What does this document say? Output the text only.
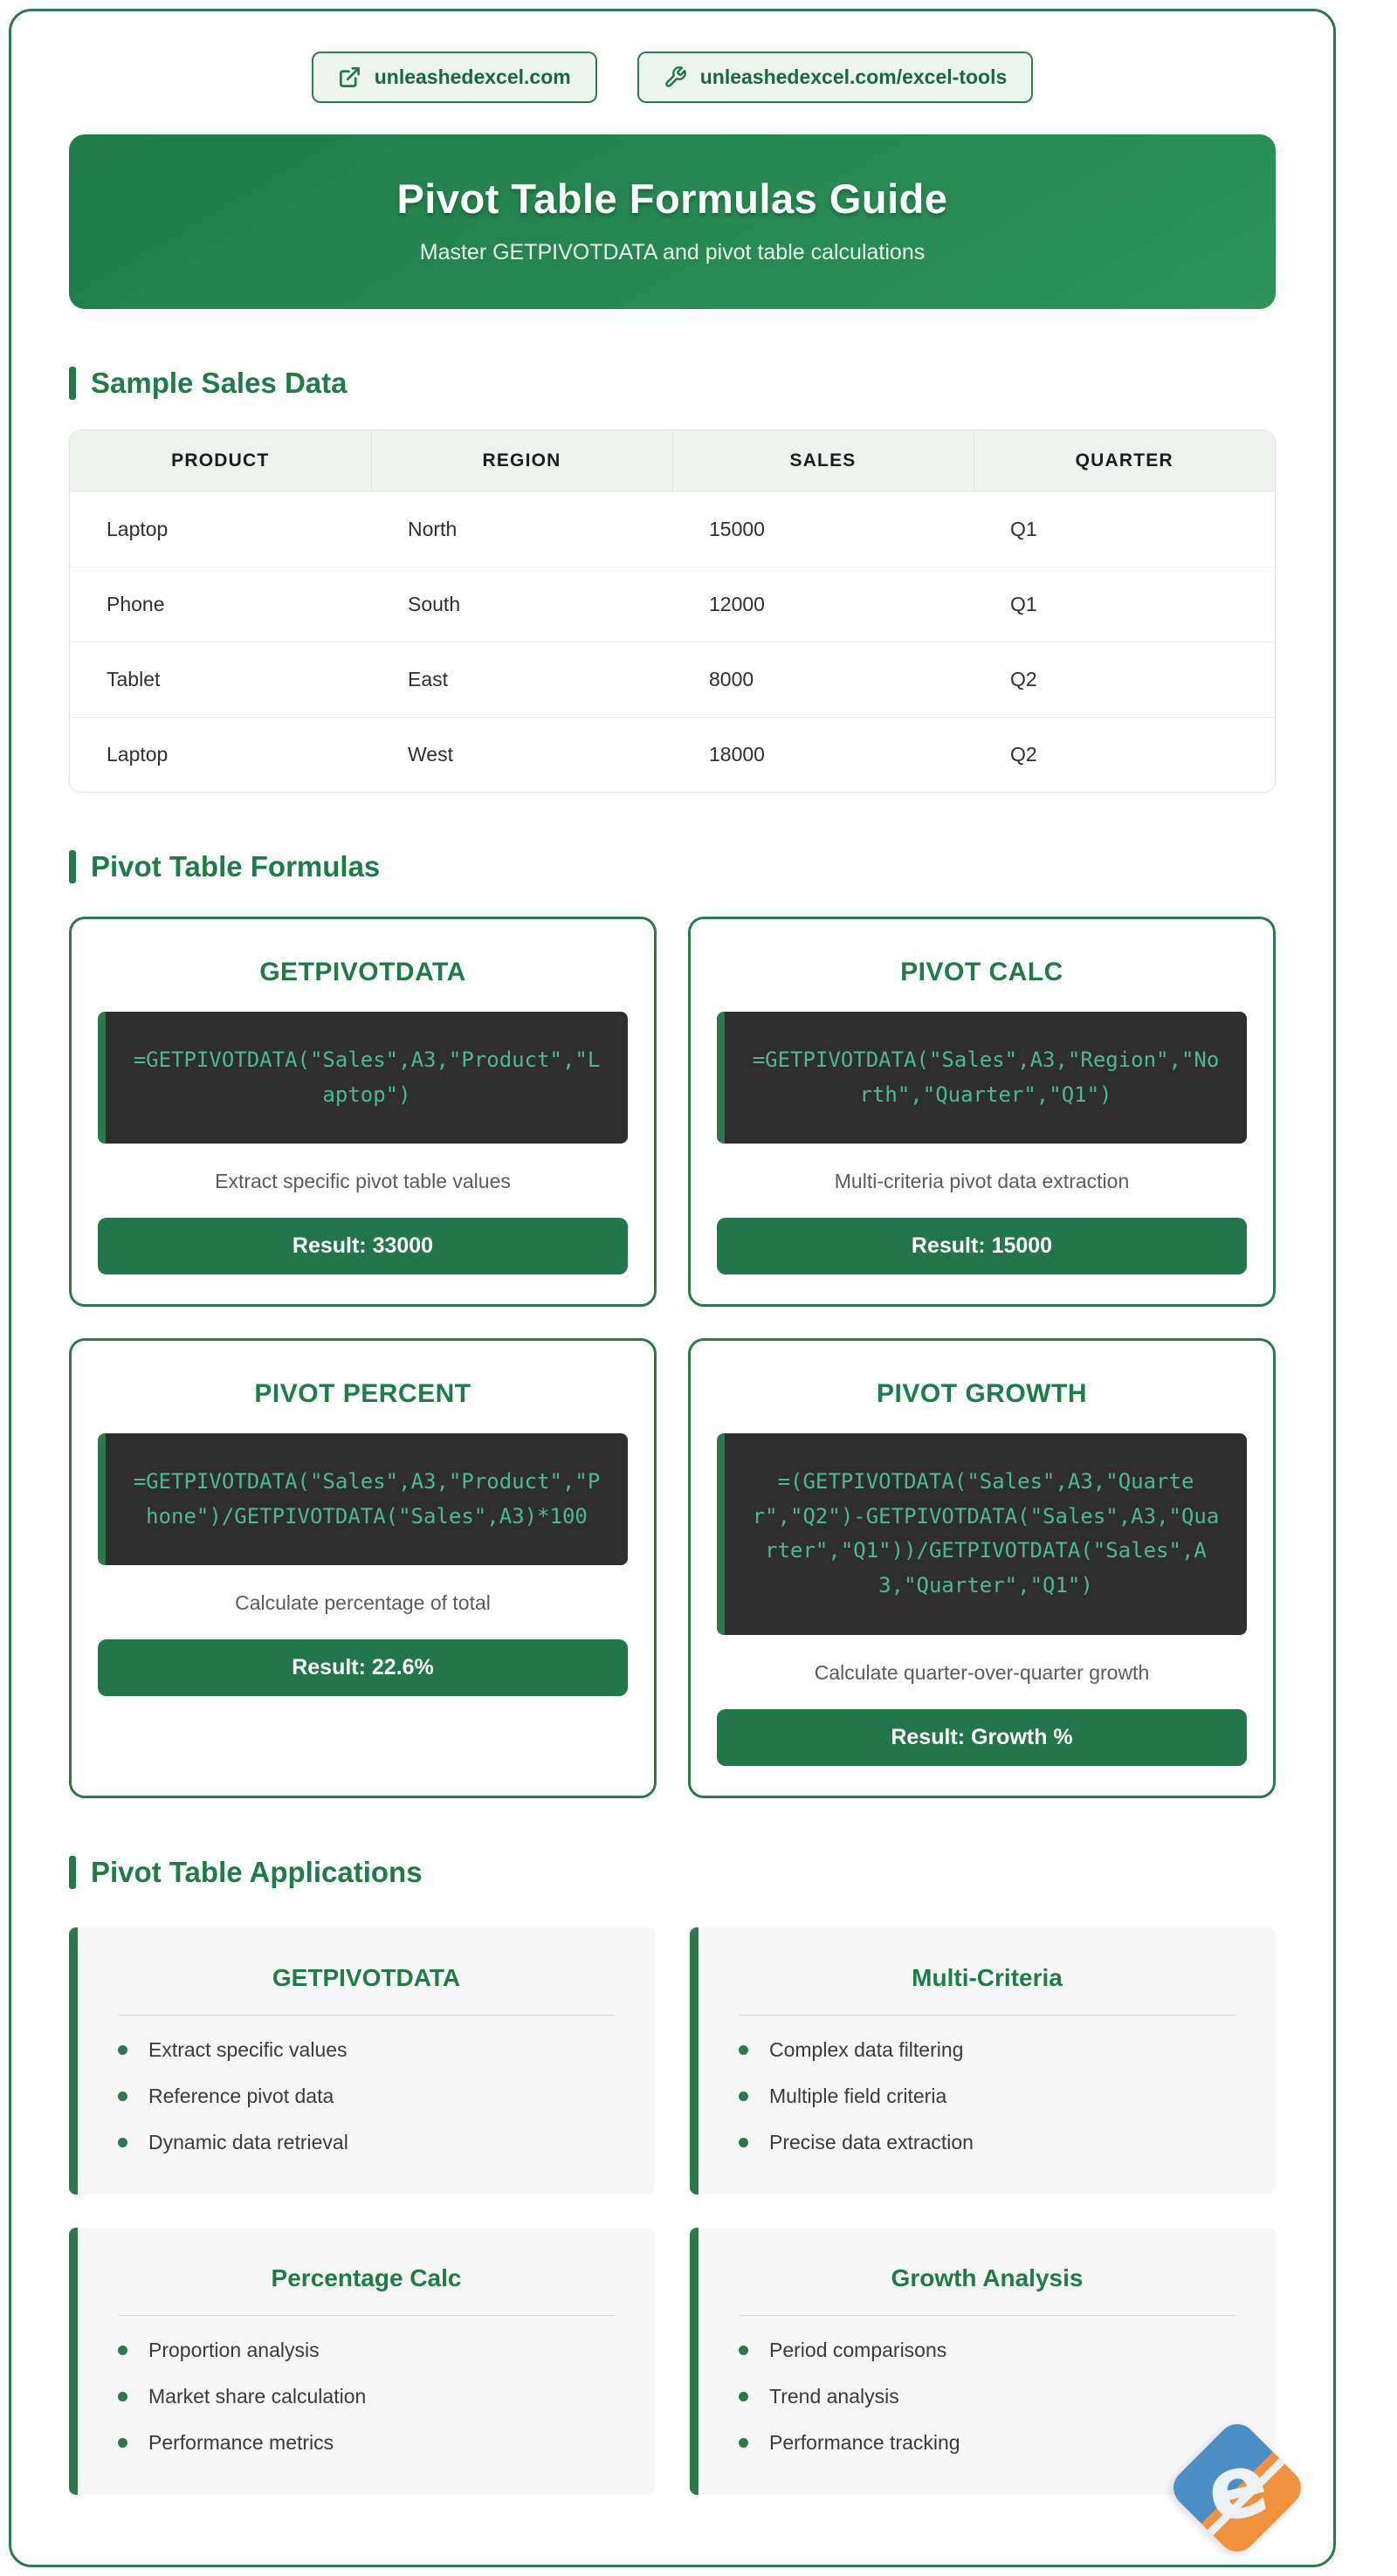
unleashedexcel.com	unleashedexcel.com/excel-tools
Pivot Table Formulas Guide

Master GETPIVOTDATA and pivot table calculations

Sample Sales Data
PRODUCT	REGION	SALES	QUARTER
Laptop	North	15000	Q1
Phone	South	12000	Q1
Tablet	East	8000	Q2
Laptop	West	18000	Q2
Pivot Table Formulas
GETPIVOTDATA
=GETPIVOTDATA("Sales",A3,"Product","Laptop")

Extract specific pivot table values

Result: 33000
PIVOT CALC
=GETPIVOTDATA("Sales",A3,"Region","North","Quarter","Q1")

Multi-criteria pivot data extraction

Result: 15000
PIVOT PERCENT
=GETPIVOTDATA("Sales",A3,"Product","Phone")/GETPIVOTDATA("Sales",A3)*100

Calculate percentage of total

Result: 22.6%
PIVOT GROWTH
=(GETPIVOTDATA("Sales",A3,"Quarter","Q2")-GETPIVOTDATA("Sales",A3,"Quarter","Q1"))/GETPIVOTDATA("Sales",A3,"Quarter","Q1")

Calculate quarter-over-quarter growth

Result: Growth %
Pivot Table Applications
GETPIVOTDATA
Extract specific values
Reference pivot data
Dynamic data retrieval
Multi-Criteria
Complex data filtering
Multiple field criteria
Precise data extraction
Percentage Calc
Proportion analysis
Market share calculation
Performance metrics
Growth Analysis
Period comparisons
Trend analysis
Performance tracking	e
